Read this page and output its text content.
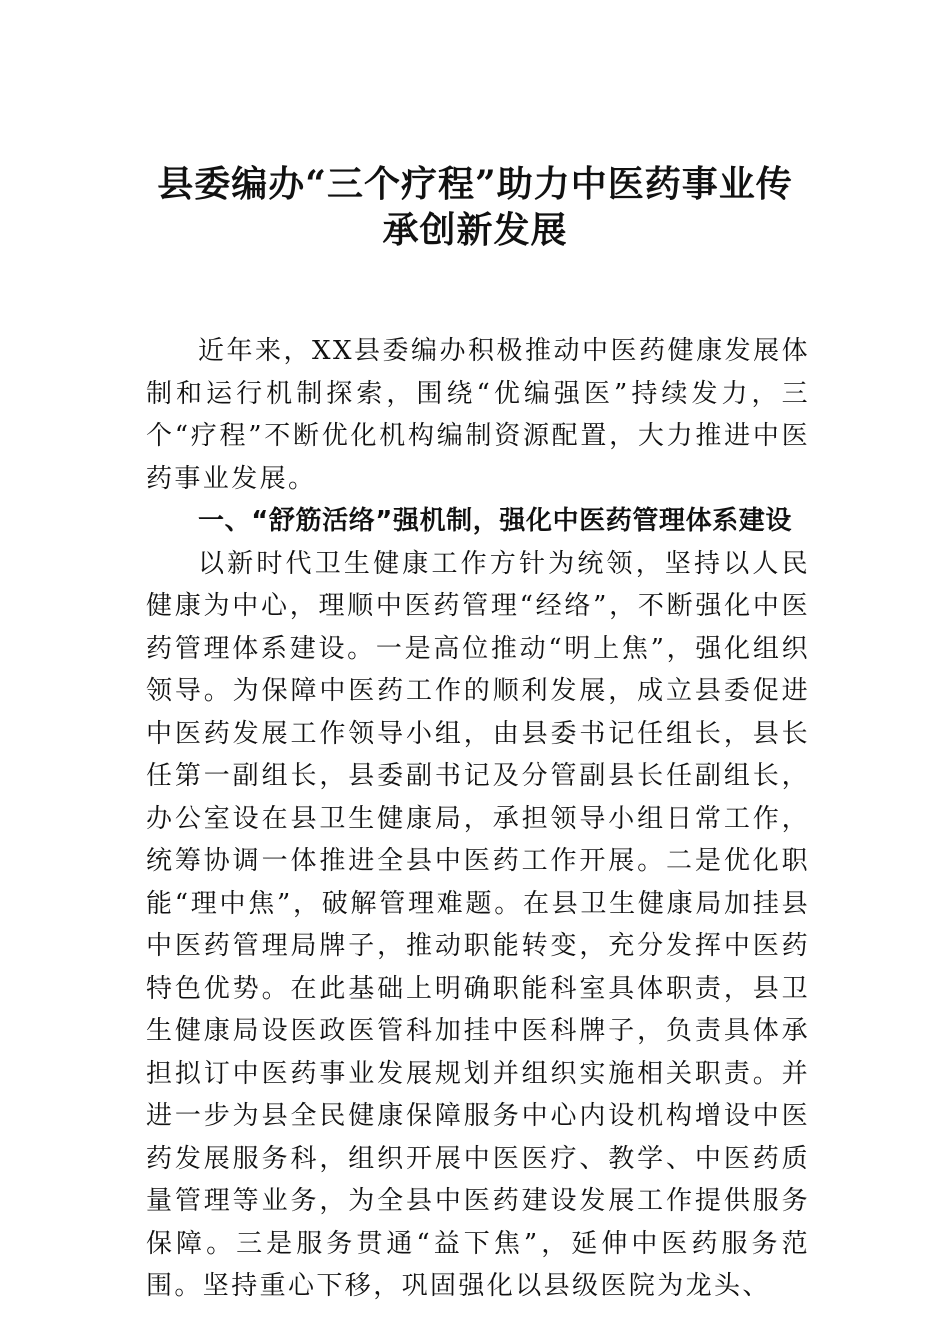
县委编办“三个疗程”助力中医药事业传
承创新发展

近年来，XX县委编办积极推动中医药健康发展体制和运行机制探索，围绕“优编强医”持续发力，三个“疗程”不断优化机构编制资源配置，大力推进中医药事业发展。

一、“舒筋活络”强机制，强化中医药管理体系建设

以新时代卫生健康工作方针为统领，坚持以人民健康为中心，理顺中医药管理“经络”，不断强化中医药管理体系建设。一是高位推动“明上焦”，强化组织领导。为保障中医药工作的顺利发展，成立县委促进中医药发展工作领导小组，由县委书记任组长，县长任第一副组长，县委副书记及分管副县长任副组长，办公室设在县卫生健康局，承担领导小组日常工作，统筹协调一体推进全县中医药工作开展。二是优化职能“理中焦”，破解管理难题。在县卫生健康局加挂县中医药管理局牌子，推动职能转变，充分发挥中医药特色优势。在此基础上明确职能科室具体职责，县卫生健康局设医政医管科加挂中医科牌子，负责具体承担拟订中医药事业发展规划并组织实施相关职责。并进一步为县全民健康保障服务中心内设机构增设中医药发展服务科，组织开展中医医疗、教学、中医药质量管理等业务，为全县中医药建设发展工作提供服务保障。三是服务贯通“益下焦”，延伸中医药服务范围。坚持重心下移，巩固强化以县级医院为龙头、
